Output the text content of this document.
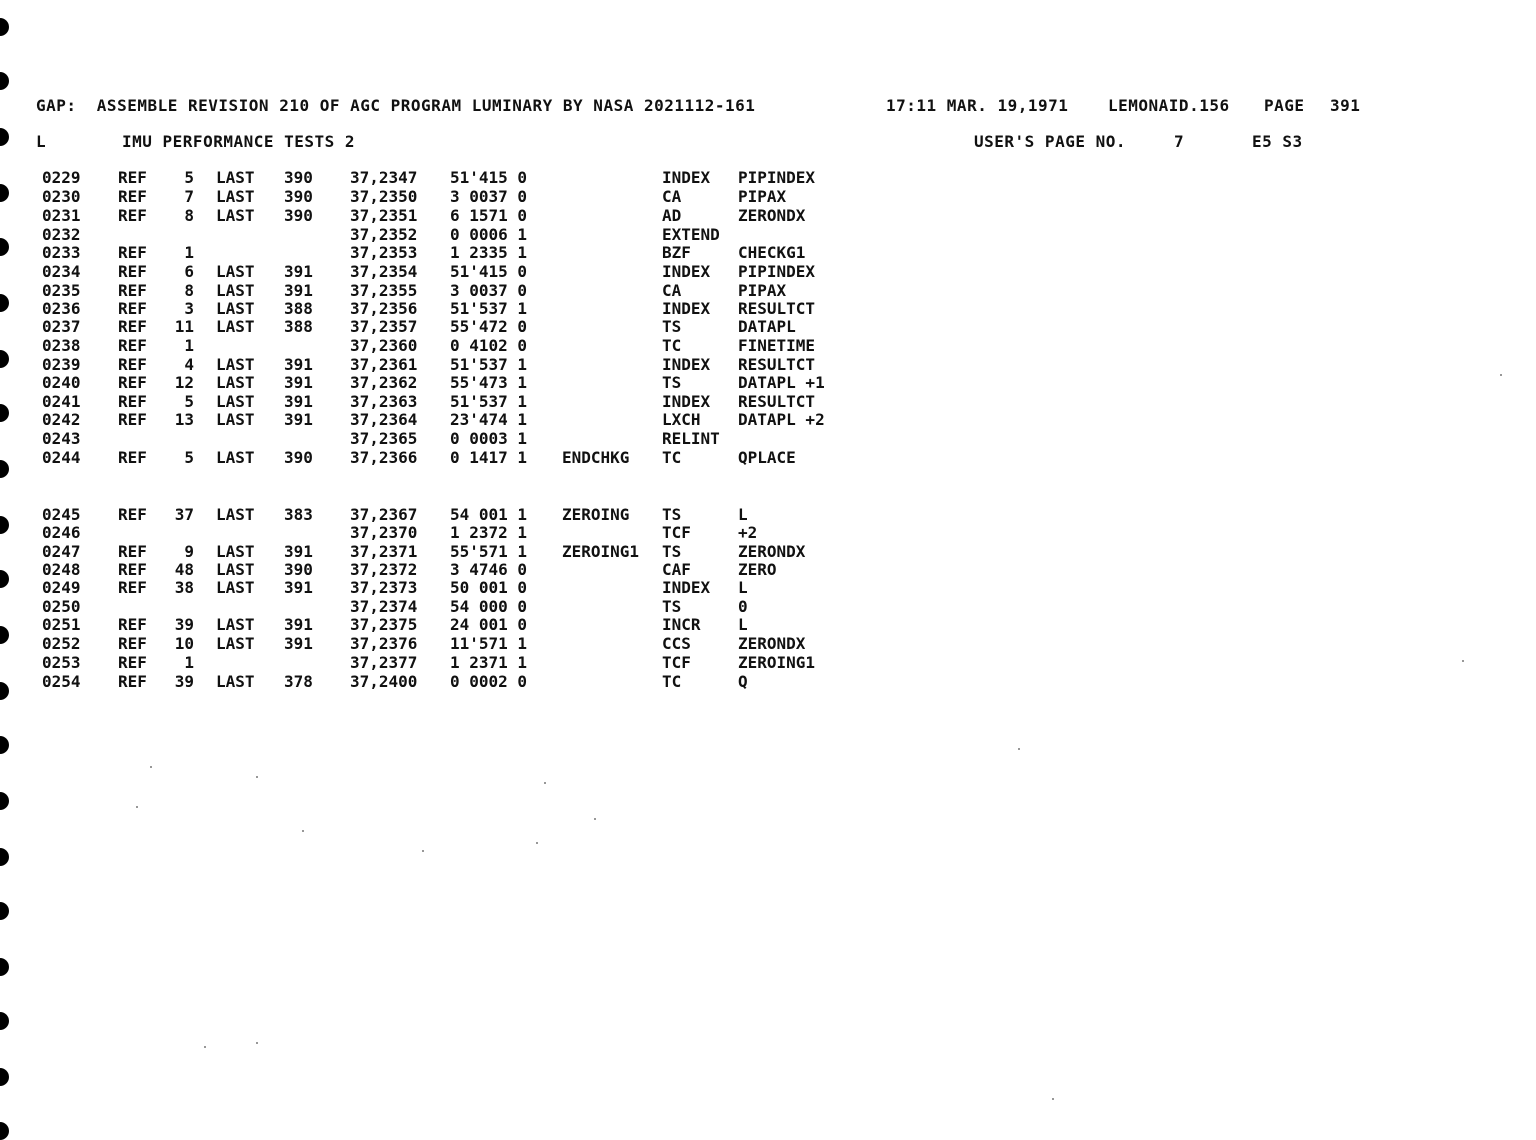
GAP:  ASSEMBLE REVISION 210 OF AGC PROGRAM LUMINARY BY NASA 2021112-161	17:11 MAR. 19,1971 LEMONAID.156 PAGE 391
L	IMU PERFORMANCE TESTS 2	USER'S PAGE NO.	7	E5 S3
0229 REF	5 LAST 390 37,2347 51'415 0	INDEX PIPINDEX
0230 REF	7 LAST 390 37,2350 3 0037 0	CA	PIPAX
0231 REF	8 LAST 390 37,2351 6 1571 0	AD	ZERONDX
0232	37,2352 0 0006 1	EXTEND
0233 REF	1	37,2353 1 2335 1	BZF	CHECKG1
0234 REF	6 LAST 391 37,2354 51'415 0	INDEX PIPINDEX
0235 REF	8 LAST 391 37,2355 3 0037 0	CA	PIPAX
0236 REF	3 LAST 388 37,2356 51'537 1	INDEX RESULTCT
0237 REF	11 LAST 388 37,2357 55'472 0	TS	DATAPL
0238 REF	1	37,2360 0 4102 0	TC	FINETIME
0239 REF	4 LAST 391 37,2361 51'537 1	INDEX RESULTCT
0240 REF	12 LAST 391 37,2362 55'473 1	TS	DATAPL +1
0241 REF	5 LAST 391 37,2363 51'537 1	INDEX RESULTCT
0242 REF	13 LAST 391 37,2364 23'474 1	LXCH DATAPL +2
0243	37,2365 0 0003 1	RELINT
0244 REF	5 LAST 390 37,2366 0 1417 1 ENDCHKG TC	QPLACE
0245 REF	37 LAST 383 37,2367 54 001 1 ZEROING TS	L
0246	37,2370 1 2372 1	TCF	+2
0247 REF	9 LAST 391 37,2371 55'571 1 ZEROING1 TS	ZERONDX
0248 REF	48 LAST 390 37,2372 3 4746 0	CAF	ZERO
0249 REF	38 LAST 391 37,2373 50 001 0	INDEX L
0250	37,2374 54 000 0	TS	0
0251 REF	39 LAST 391 37,2375 24 001 0	INCR L
0252 REF	10 LAST 391 37,2376 11'571 1	CCS	ZERONDX
0253 REF	1	37,2377 1 2371 1	TCF	ZEROING1
0254 REF	39 LAST 378 37,2400 0 0002 0	TC	Q
